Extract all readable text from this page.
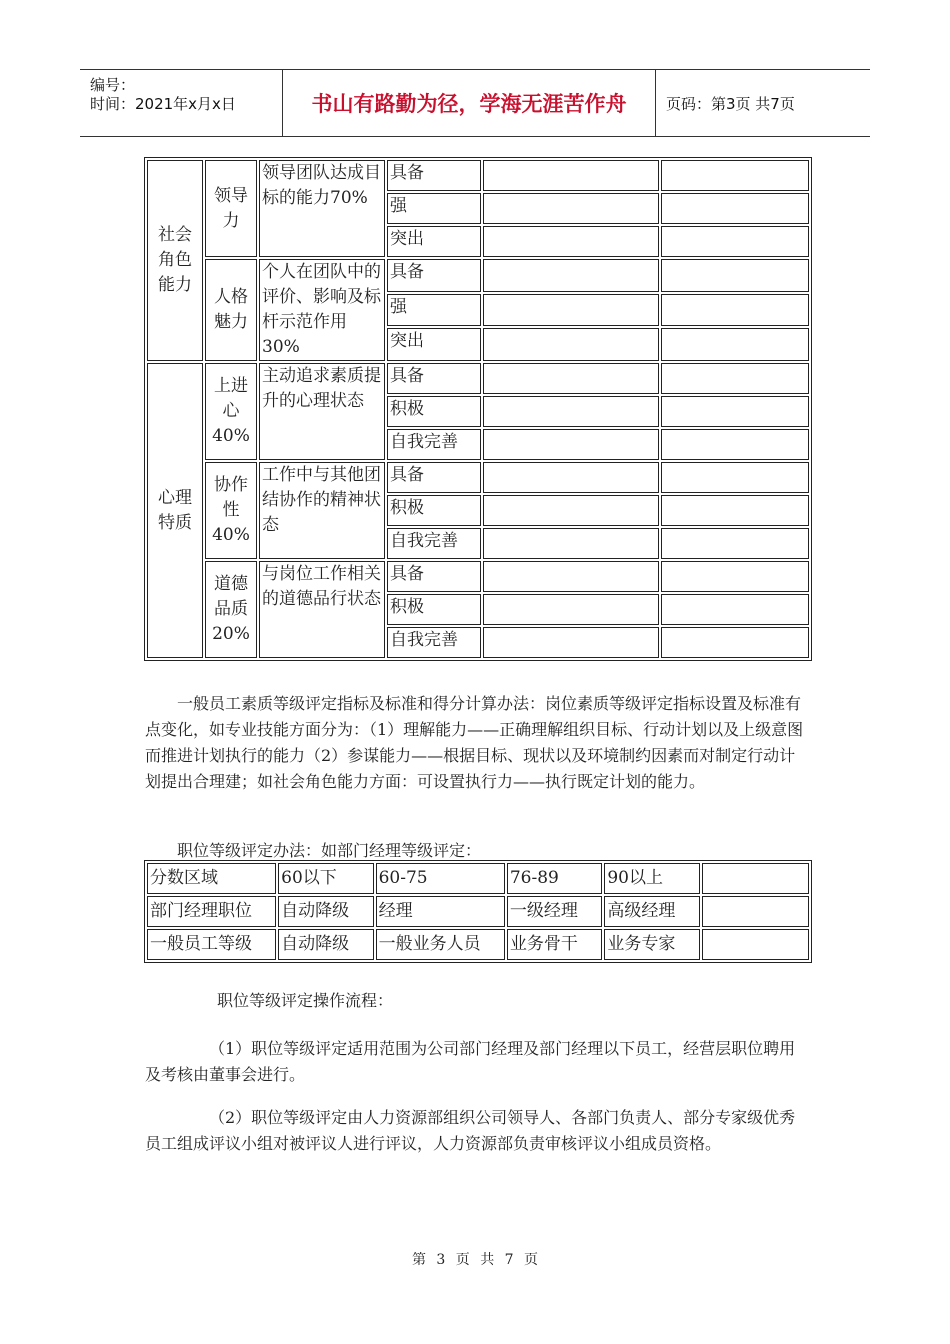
编号：
时间：2021年x月x日	书山有路勤为径，学海无涯苦作舟	页码：第3页 共7页
社会角色能力	领导力	领导团队达成目标的能力70%	具备		
			强		
			突出		
	人格魅力	个人在团队中的评价、影响及标杆示范作用30%	具备		
			强		
			突出		
心理特质	上进心40%	主动追求素质提升的心理状态	具备		
			积极		
			自我完善		
	协作性40%	工作中与其他团结协作的精神状态	具备		
			积极		
			自我完善		
	道德品质20%	与岗位工作相关的道德品行状态	具备		
			积极		
			自我完善		

一般员工素质等级评定指标及标准和得分计算办法：岗位素质等级评定指标设置及标准有点变化，如专业技能方面分为：（1）理解能力——正确理解组织目标、行动计划以及上级意图而推进计划执行的能力（2）参谋能力——根据目标、现状以及环境制约因素而对制定行动计划提出合理建；如社会角色能力方面：可设置执行力——执行既定计划的能力。

职位等级评定办法：如部门经理等级评定：

分数区域	60以下	60-75	76-89	90以上	
部门经理职位	自动降级	经理	一级经理	高级经理	
一般员工等级	自动降级	一般业务人员	业务骨干	业务专家	

职位等级评定操作流程：

（1）职位等级评定适用范围为公司部门经理及部门经理以下员工，经营层职位聘用及考核由董事会进行。

（2）职位等级评定由人力资源部组织公司领导人、各部门负责人、部分专家级优秀员工组成评议小组对被评议人进行评议，人力资源部负责审核评议小组成员资格。

第 3 页 共 7 页
